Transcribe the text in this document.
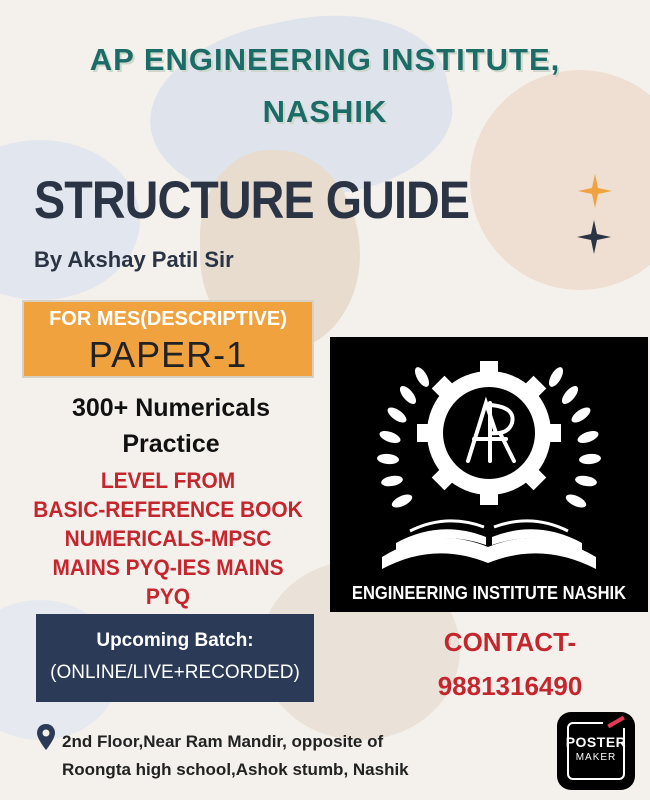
AP ENGINEERING INSTITUTE,
NASHIK
STRUCTURE GUIDE
By Akshay Patil Sir
FOR MES(DESCRIPTIVE)
PAPER-1
300+ Numericals
Practice
LEVEL FROM
BASIC-REFERENCE BOOK
NUMERICALS-MPSC
MAINS PYQ-IES MAINS
PYQ
Upcoming Batch:
(ONLINE/LIVE+RECORDED)
ENGINEERING INSTITUTE NASHIK
CONTACT-
9881316490
2nd Floor,Near Ram Mandir, opposite of
Roongta high school,Ashok stumb, Nashik
POSTER
MAKER
